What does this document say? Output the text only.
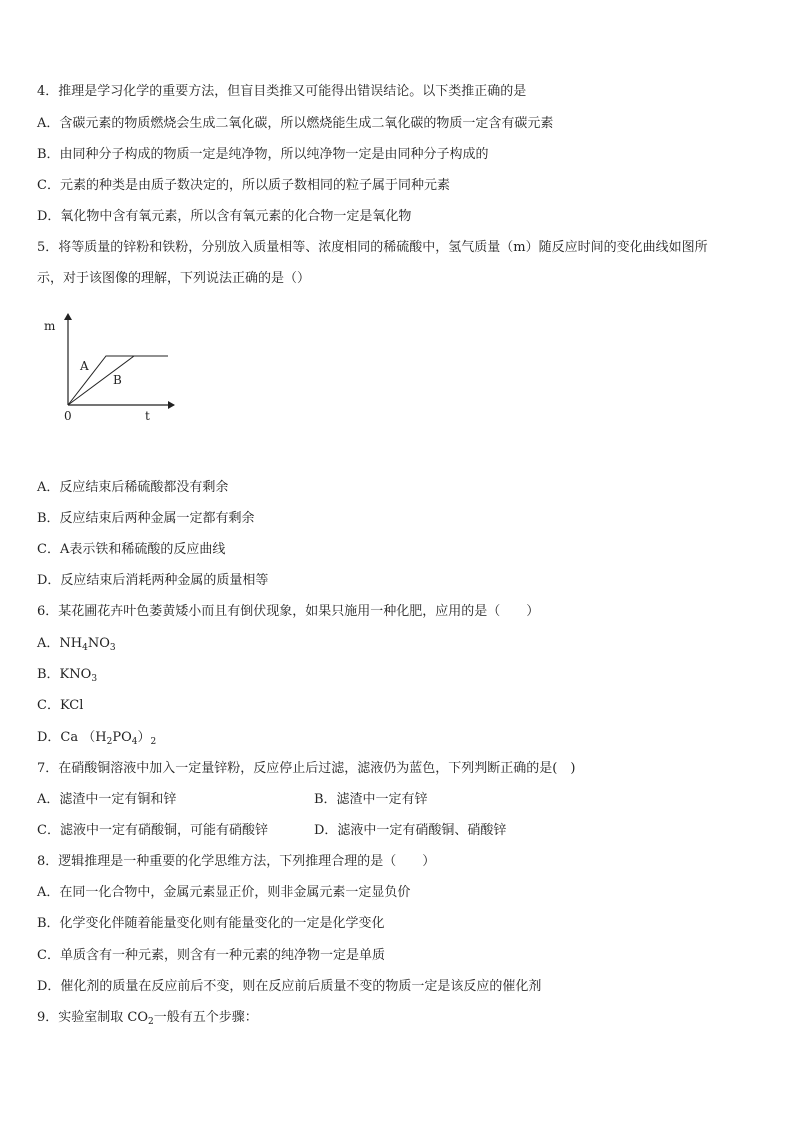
4．推理是学习化学的重要方法，但盲目类推又可能得出错误结论。以下类推正确的是
A．含碳元素的物质燃烧会生成二氧化碳，所以燃烧能生成二氧化碳的物质一定含有碳元素
B．由同种分子构成的物质一定是纯净物，所以纯净物一定是由同种分子构成的
C．元素的种类是由质子数决定的，所以质子数相同的粒子属于同种元素
D．氧化物中含有氧元素，所以含有氧元素的化合物一定是氧化物
5．将等质量的锌粉和铁粉，分别放入质量相等、浓度相同的稀硫酸中，氢气质量（m）随反应时间的变化曲线如图所
示，对于该图像的理解，下列说法正确的是（）
m
t
0
A
B
A．反应结束后稀硫酸都没有剩余
B．反应结束后两种金属一定都有剩余
C．A表示铁和稀硫酸的反应曲线
D．反应结束后消耗两种金属的质量相等
6．某花圃花卉叶色萎黄矮小而且有倒伏现象，如果只施用一种化肥，应用的是（　　）
A．$NH_4NO_3$
B．$KNO_3$
C．KCl
D．Ca $(H_2PO_4)_2$
7．在硝酸铜溶液中加入一定量锌粉，反应停止后过滤，滤液仍为蓝色，下列判断正确的是(　)
A．滤渣中一定有铜和锌	B．滤渣中一定有锌
C．滤液中一定有硝酸铜，可能有硝酸锌	D．滤液中一定有硝酸铜、硝酸锌
8．逻辑推理是一种重要的化学思维方法，下列推理合理的是（　　）
A．在同一化合物中，金属元素显正价，则非金属元素一定显负价
B．化学变化伴随着能量变化则有能量变化的一定是化学变化
C．单质含有一种元素，则含有一种元素的纯净物一定是单质
D．催化剂的质量在反应前后不变，则在反应前后质量不变的物质一定是该反应的催化剂
9．实验室制取 $CO_2$一般有五个步骤：
